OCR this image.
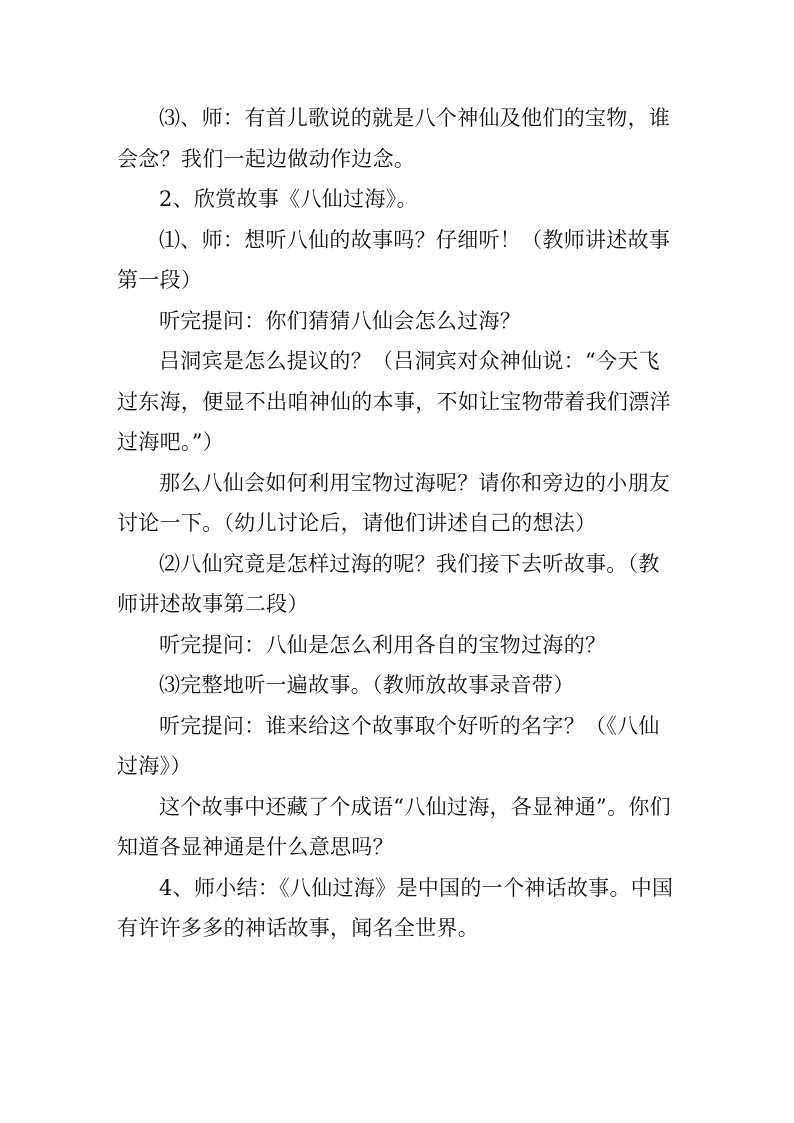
⑶、师：有首儿歌说的就是八个神仙及他们的宝物，谁会念？我们一起边做动作边念。

2、欣赏故事《八仙过海》。

⑴、师：想听八仙的故事吗？仔细听！（教师讲述故事第一段）

听完提问：你们猜猜八仙会怎么过海？

吕洞宾是怎么提议的？（吕洞宾对众神仙说：“今天飞过东海，便显不出咱神仙的本事，不如让宝物带着我们漂洋过海吧。”）

那么八仙会如何利用宝物过海呢？请你和旁边的小朋友讨论一下。（幼儿讨论后，请他们讲述自己的想法）

⑵八仙究竟是怎样过海的呢？我们接下去听故事。（教师讲述故事第二段）

听完提问：八仙是怎么利用各自的宝物过海的？

⑶完整地听一遍故事。（教师放故事录音带）

听完提问：谁来给这个故事取个好听的名字？（《八仙过海》）

这个故事中还藏了个成语“八仙过海，各显神通”。你们知道各显神通是什么意思吗？

4、师小结：《八仙过海》是中国的一个神话故事。中国有许许多多的神话故事，闻名全世界。
